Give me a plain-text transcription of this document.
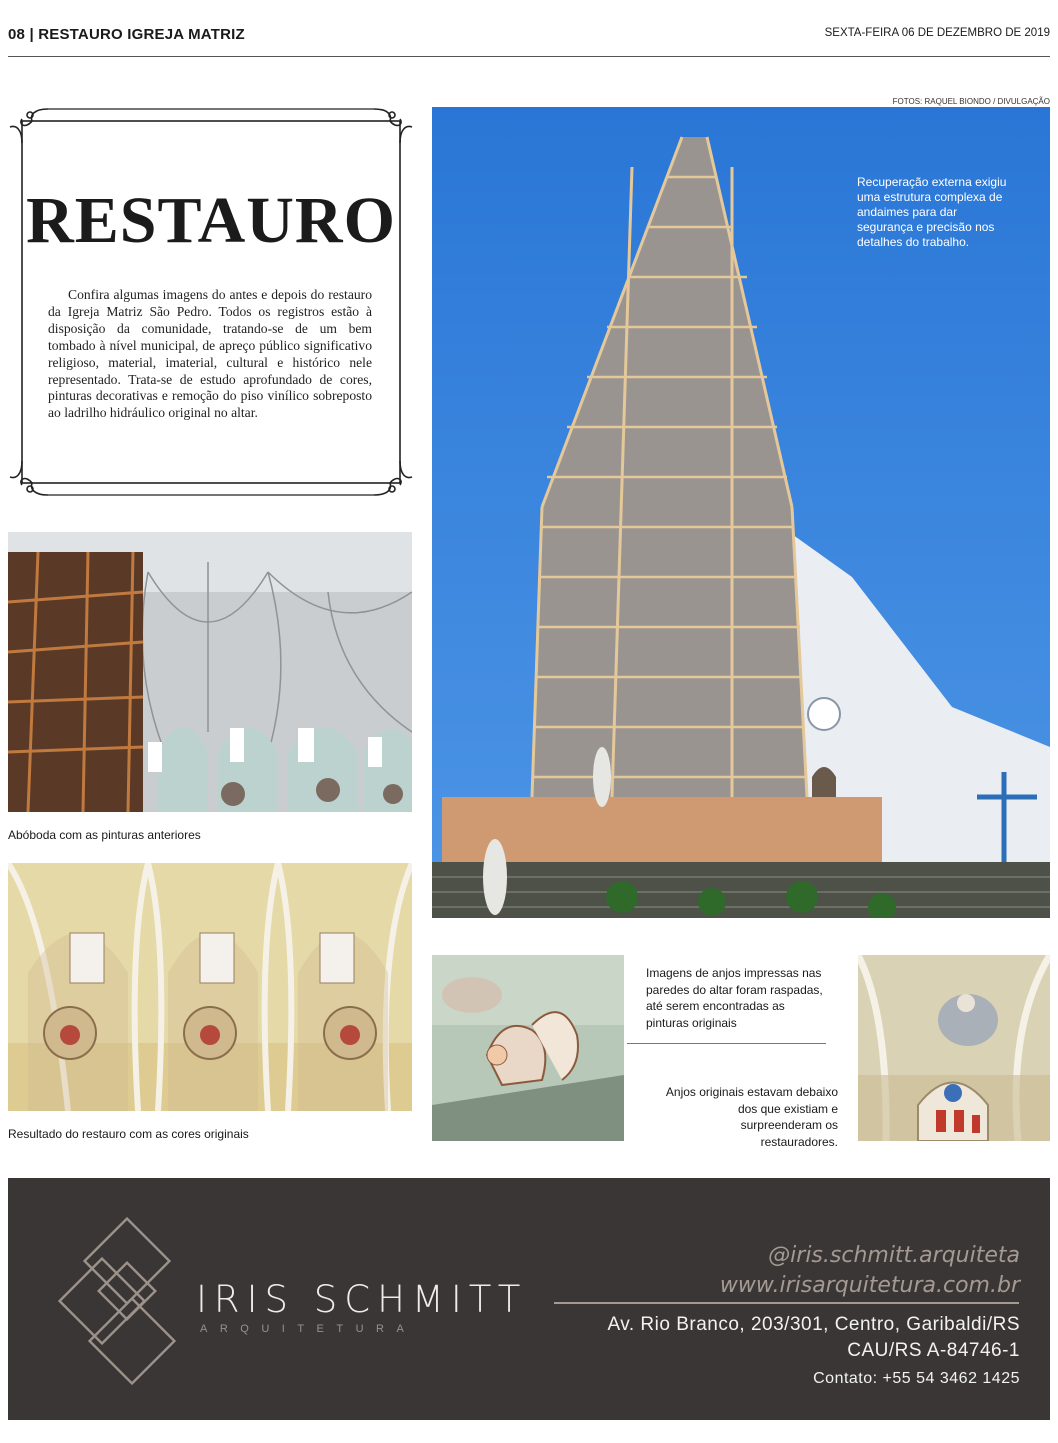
08 | RESTAURO IGREJA MATRIZ	SEXTA-FEIRA 06 DE DEZEMBRO DE 2019
FOTOS: RAQUEL BIONDO / DIVULGAÇÃO
RESTAURO
Confira algumas imagens do antes e depois do restauro da Igreja Matriz São Pedro. Todos os registros estão à disposição da comunidade, tratando-se de um bem tombado à nível municipal, de apreço público significativo religioso, material, imaterial, cultural e histórico nele representado. Trata-se de estudo aprofundado de cores, pinturas decorativas e remoção do piso vinílico sobreposto ao ladrilho hidráulico original no altar.
Abóboda com as pinturas anteriores
Resultado do restauro com as cores originais
Recuperação externa exigiu uma estrutura complexa de andaimes para dar segurança e precisão nos detalhes do trabalho.
Imagens de anjos impressas nas paredes do altar foram raspadas, até serem encontradas as pinturas originais
Anjos originais estavam debaixo dos que existiam e surpreenderam os restauradores.
IRIS SCHMITT
ARQUITETURA
@iris.schmitt.arquiteta
www.irisarquitetura.com.br
Av. Rio Branco, 203/301, Centro, Garibaldi/RS
CAU/RS A-84746-1
Contato: +55 54 3462 1425
